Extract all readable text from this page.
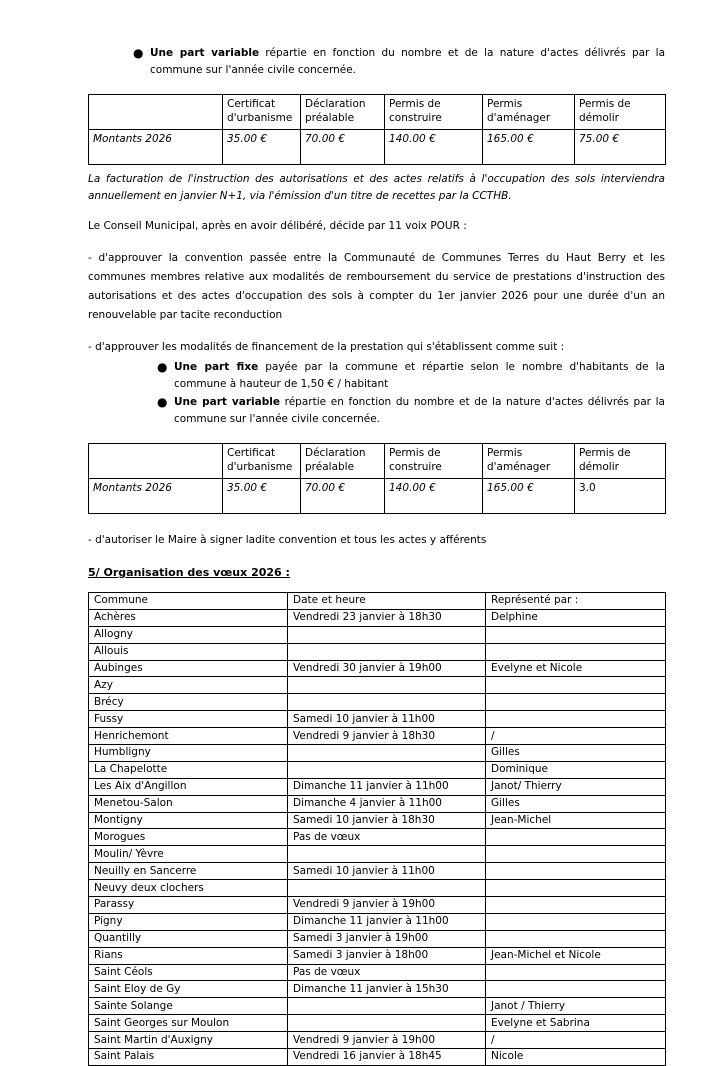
● Une part variable répartie en fonction du nombre et de la nature d'actes délivrés par la commune sur l'année civile concernée.
	Certificat d'urbanisme	Déclaration préalable	Permis de construire	Permis d'aménager	Permis de démolir
Montants 2026	35.00 €	70.00 €	140.00 €	165.00 €	75.00 €

La facturation de l'instruction des autorisations et des actes relatifs à l'occupation des sols interviendra annuellement en janvier N+1, via l'émission d'un titre de recettes par la CCTHB.

Le Conseil Municipal, après en avoir délibéré, décide par 11 voix POUR :

- d'approuver la convention passée entre la Communauté de Communes Terres du Haut Berry et les communes membres relative aux modalités de remboursement du service de prestations d'instruction des autorisations et des actes d'occupation des sols à compter du 1er janvier 2026 pour une durée d'un an renouvelable par tacite reconduction

- d'approuver les modalités de financement de la prestation qui s'établissent comme suit :

● Une part fixe payée par la commune et répartie selon le nombre d'habitants de la commune à hauteur de 1,50 € / habitant
● Une part variable répartie en fonction du nombre et de la nature d'actes délivrés par la commune sur l'année civile concernée.
	Certificat d'urbanisme	Déclaration préalable	Permis de construire	Permis d'aménager	Permis de démolir
Montants 2026	35.00 €	70.00 €	140.00 €	165.00 €	3.0

- d'autoriser le Maire à signer ladite convention et tous les actes y afférents

5/ Organisation des vœux 2026 :

Commune	Date et heure	Représenté par :
Achères	Vendredi 23 janvier à 18h30	Delphine
Allogny		
Allouis		
Aubinges	Vendredi 30 janvier à 19h00	Evelyne et Nicole
Azy		
Brécy		
Fussy	Samedi 10 janvier à 11h00	
Henrichemont	Vendredi 9 janvier à 18h30	/
Humbligny		Gilles
La Chapelotte		Dominique
Les Aix d'Angillon	Dimanche 11 janvier à 11h00	Janot/ Thierry
Menetou-Salon	Dimanche 4 janvier à 11h00	Gilles
Montigny	Samedi 10 janvier à 18h30	Jean-Michel
Morogues	Pas de vœux	
Moulin/ Yèvre		
Neuilly en Sancerre	Samedi 10 janvier à 11h00	
Neuvy deux clochers		
Parassy	Vendredi 9 janvier à 19h00	
Pigny	Dimanche 11 janvier à 11h00	
Quantilly	Samedi 3 janvier à 19h00	
Rians	Samedi 3 janvier à 18h00	Jean-Michel et Nicole
Saint Céols	Pas de vœux	
Saint Eloy de Gy	Dimanche 11 janvier à 15h30	
Sainte Solange		Janot / Thierry
Saint Georges sur Moulon		Evelyne et Sabrina
Saint Martin d'Auxigny	Vendredi 9 janvier à 19h00	/
Saint Palais	Vendredi 16 janvier à 18h45	Nicole
